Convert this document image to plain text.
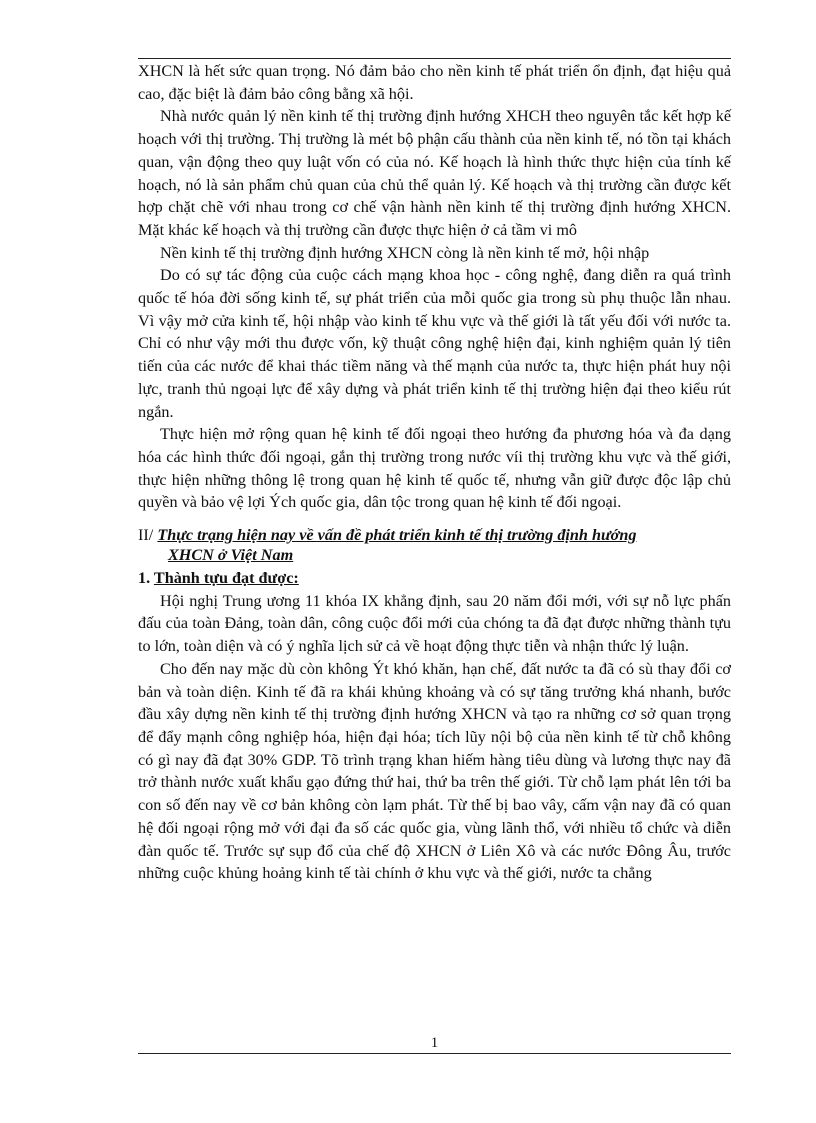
XHCN là hết sức quan trọng. Nó đảm bảo cho nền kinh tế phát triển ổn định, đạt hiệu quả cao, đặc biệt là đảm bảo công bằng xã hội.

Nhà nước quản lý nền kinh tế thị trường định hướng XHCH theo nguyên tắc kết hợp kế hoạch với thị trường. Thị trường là mét bộ phận cấu thành của nền kinh tế, nó tồn tại khách quan, vận động theo quy luật vốn có của nó. Kế hoạch là hình thức thực hiện của tính kế hoạch, nó là sản phẩm chủ quan của chủ thể quản lý. Kế hoạch và thị trường cần được kết hợp chặt chẽ với nhau trong cơ chế vận hành nền kinh tế thị trường định hướng XHCN. Mặt khác kế hoạch và thị trường cần được thực hiện ở cả tầm vi mô

Nền kinh tế thị trường định hướng XHCN còng là nền kinh tế mở, hội nhập

Do có sự tác động của cuộc cách mạng khoa học - công nghệ, đang diễn ra quá trình quốc tế hóa đời sống kinh tế, sự phát triển của mỗi quốc gia trong sù phụ thuộc lẫn nhau. Vì vậy mở cửa kinh tế, hội nhập vào kinh tế khu vực và thế giới là tất yếu đối với nước ta. Chỉ có như vậy mới thu được vốn, kỹ thuật công nghệ hiện đại, kinh nghiệm quản lý tiên tiến của các nước để khai thác tiềm năng và thế mạnh của nước ta, thực hiện phát huy nội lực, tranh thủ ngoại lực để xây dựng và phát triển kinh tế thị trường hiện đại theo kiểu rút ngắn.

Thực hiện mở rộng quan hệ kinh tế đối ngoại theo hướng đa phương hóa và đa dạng hóa các hình thức đối ngoại, gắn thị trường trong nước víi thị trường khu vực và thế giới, thực hiện những thông lệ trong quan hệ kinh tế quốc tế, nhưng vẫn giữ được độc lập chủ quyền và bảo vệ lợi Ých quốc gia, dân tộc trong quan hệ kinh tế đối ngoại.

II/ Thực trạng hiện nay về vấn đề phát triển kinh tế thị trường định hướng

XHCN ở Việt Nam

1. Thành tựu đạt được:

Hội nghị Trung ương 11 khóa IX khẳng định, sau 20 năm đổi mới, với sự nỗ lực phấn đấu của toàn Đảng, toàn dân, công cuộc đổi mới của chóng ta đã đạt được những thành tựu to lớn, toàn diện và có ý nghĩa lịch sử cả về hoạt động thực tiễn và nhận thức lý luận.

Cho đến nay mặc dù còn không Ýt khó khăn, hạn chế, đất nước ta đã có sù thay đổi cơ bản và toàn diện. Kinh tế đã ra khái khủng khoảng và có sự tăng trưởng khá nhanh, bước đầu xây dựng nền kinh tế thị trường định hướng XHCN và tạo ra những cơ sở quan trọng để đẩy mạnh công nghiệp hóa, hiện đại hóa; tích lũy nội bộ của nền kinh tế từ chỗ không có gì nay đã đạt 30% GDP. Tõ trình trạng khan hiếm hàng tiêu dùng và lương thực nay đã trở thành nước xuất khẩu gạo đứng thứ hai, thứ ba trên thế giới. Từ chỗ lạm phát lên tới ba con số đến nay về cơ bản không còn lạm phát. Từ thế bị bao vây, cấm vận nay đã có quan hệ đối ngoại rộng mở với đại đa số các quốc gia, vùng lãnh thổ, với nhiều tổ chức và diễn đàn quốc tế. Trước sự sụp đổ của chế độ XHCN ở Liên Xô và các nước Đông Âu, trước những cuộc khủng hoảng kinh tế tài chính ở khu vực và thế giới, nước ta chẳng

1
